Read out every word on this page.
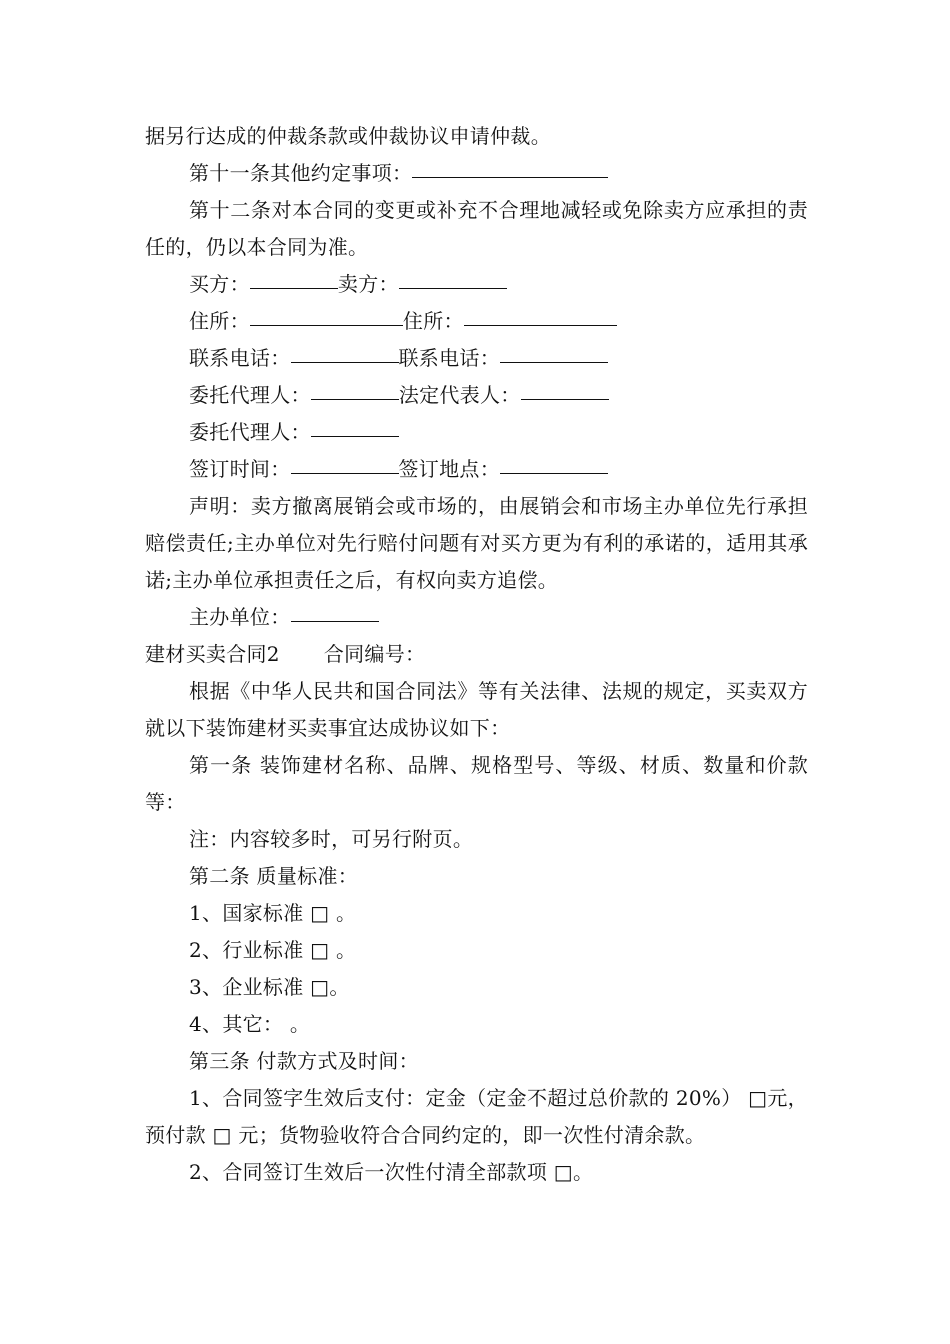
据另行达成的仲裁条款或仲裁协议申请仲裁。

第十一条其他约定事项：

第十二条对本合同的变更或补充不合理地减轻或免除卖方应承担的责任的，仍以本合同为准。

买方：	卖方：

住所：	住所：

联系电话：	联系电话：

委托代理人：	法定代表人：

委托代理人：

签订时间：	签订地点：

声明：卖方撤离展销会或市场的，由展销会和市场主办单位先行承担赔偿责任;主办单位对先行赔付问题有对买方更为有利的承诺的，适用其承诺;主办单位承担责任之后，有权向卖方追偿。

主办单位：

建材买卖合同2 合同编号：

根据《中华人民共和国合同法》等有关法律、法规的规定，买卖双方就以下装饰建材买卖事宜达成协议如下：

第一条 装饰建材名称、品牌、规格型号、等级、材质、数量和价款等：

注：内容较多时，可另行附页。

第二条 质量标准：

1、国家标准 □ 。

2、行业标准 □ 。

3、企业标准 □。

4、其它： 。

第三条 付款方式及时间：

1、合同签字生效后支付：定金（定金不超过总价款的 20%） □元，预付款 □ 元；货物验收符合合同约定的，即一次性付清余款。

2、合同签订生效后一次性付清全部款项 □。
